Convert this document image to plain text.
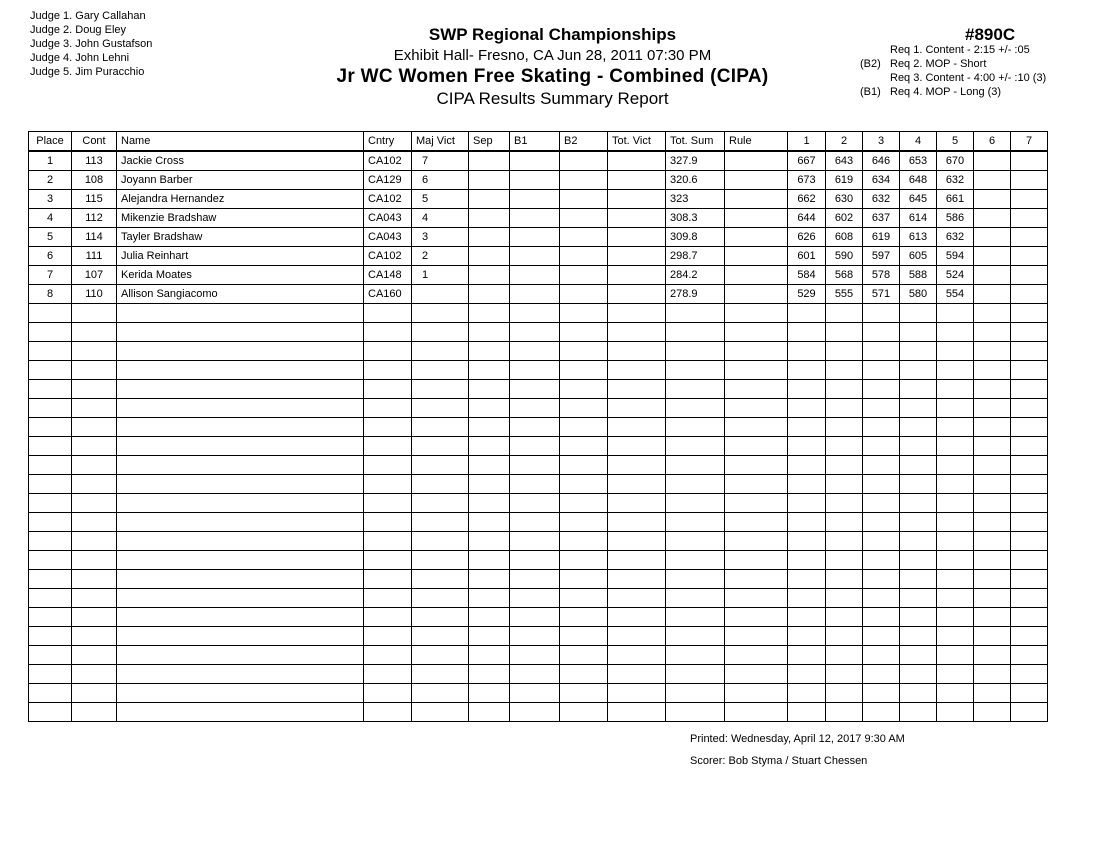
Judge 1. Gary Callahan
Judge 2. Doug Eley
Judge 3. John Gustafson
Judge 4. John Lehni
Judge 5. Jim Puracchio
SWP Regional Championships
Exhibit Hall- Fresno, CA Jun 28, 2011 07:30 PM
Jr WC Women Free Skating - Combined (CIPA)
CIPA Results Summary Report
#890C
Req 1. Content - 2:15 +/- :05
(B2) Req 2. MOP - Short
Req 3. Content - 4:00 +/- :10 (3)
(B1) Req 4. MOP - Long (3)
Place	Cont	Name	Cntry	Maj Vict	Sep	B1	B2	Tot. Vict	Tot. Sum	Rule	1	2	3	4	5	6	7
1	113	Jackie Cross	CA102	7					327.9		667	643	646	653	670		
2	108	Joyann Barber	CA129	6					320.6		673	619	634	648	632		
3	115	Alejandra Hernandez	CA102	5					323		662	630	632	645	661		
4	112	Mikenzie Bradshaw	CA043	4					308.3		644	602	637	614	586		
5	114	Tayler Bradshaw	CA043	3					309.8		626	608	619	613	632		
6	111	Julia Reinhart	CA102	2					298.7		601	590	597	605	594		
7	107	Kerida Moates	CA148	1					284.2		584	568	578	588	524		
8	110	Allison Sangiacomo	CA160						278.9		529	555	571	580	554		

Printed: Wednesday, April 12, 2017 9:30 AM
Scorer: Bob Styma / Stuart Chessen
